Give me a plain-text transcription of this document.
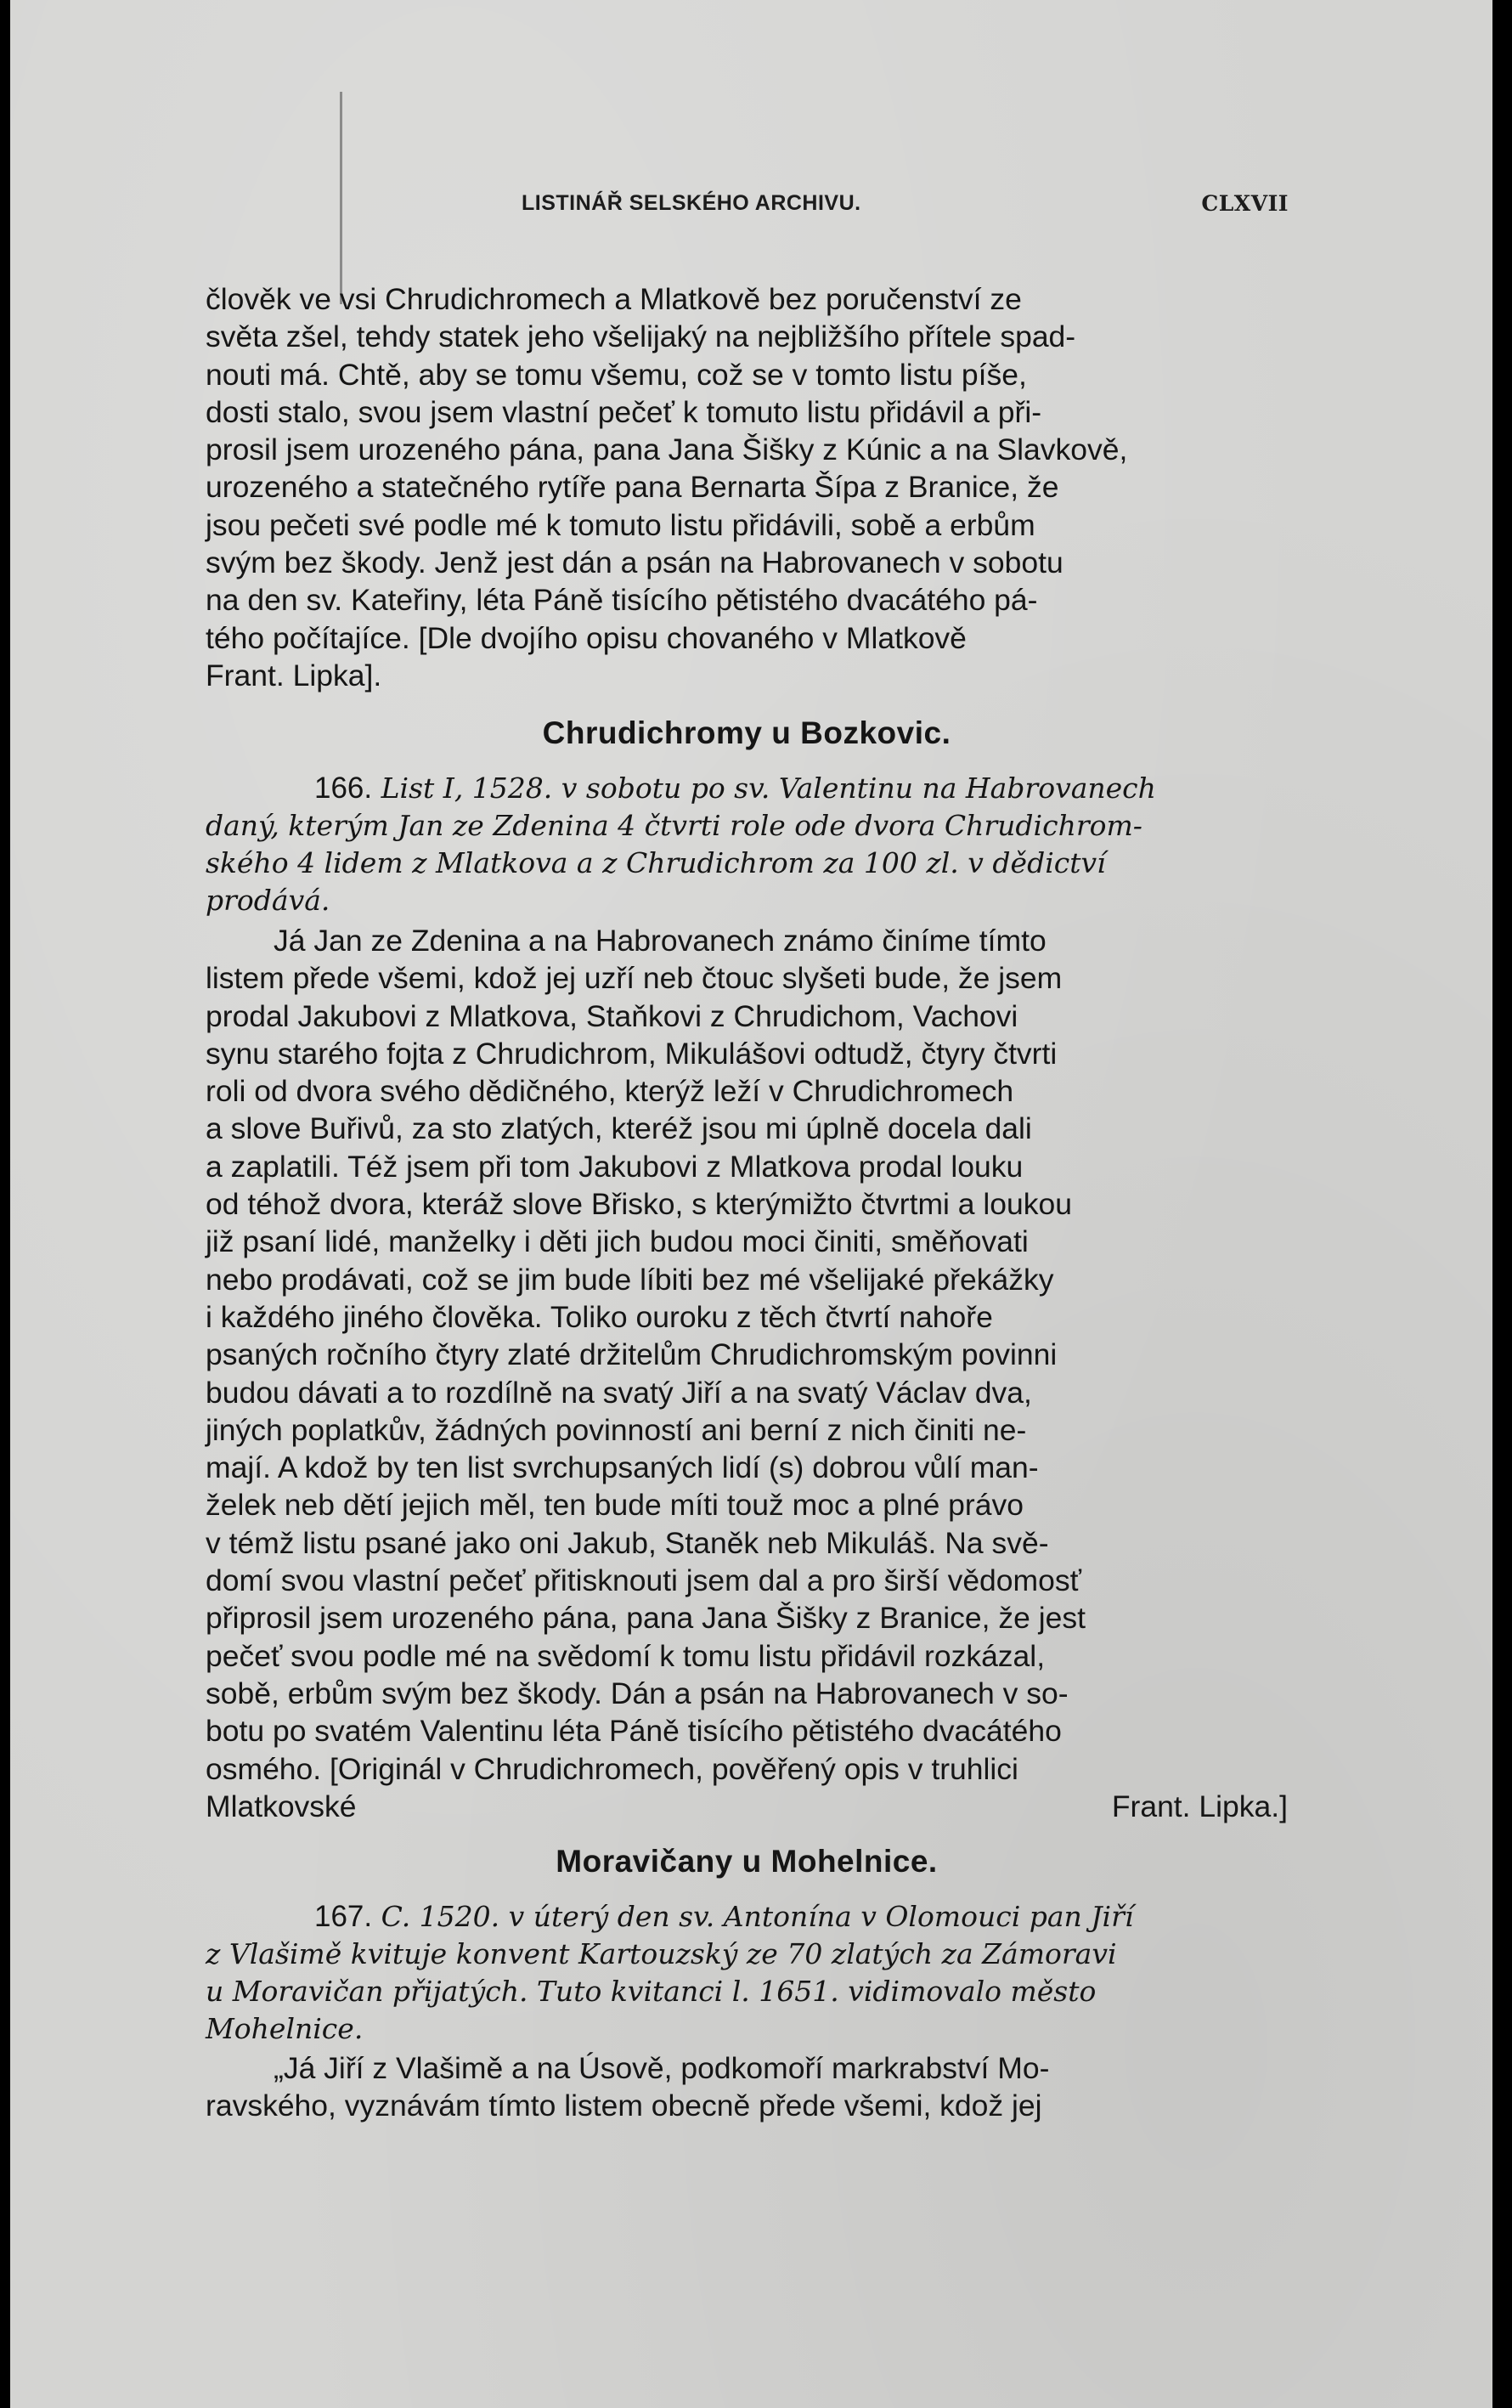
LISTINÁŘ SELSKÉHO ARCHIVU.	CLXVII

člověk ve vsi Chrudichromech a Mlatkově bez poručenství ze

světa zšel, tehdy statek jeho všelijaký na nejbližšího přítele spad-

nouti má. Chtě, aby se tomu všemu, což se v tomto listu píše,

dosti stalo, svou jsem vlastní pečeť k tomuto listu přidávil a při-

prosil jsem urozeného pána, pana Jana Šišky z Kúnic a na Slavkově,

urozeného a statečného rytíře pana Bernarta Šípa z Branice, že

jsou pečeti své podle mé k tomuto listu přidávili, sobě a erbům

svým bez škody. Jenž jest dán a psán na Habrovanech v sobotu

na den sv. Kateřiny, léta Páně tisícího pětistého dvacátého pá-

tého počítajíce. [Dle dvojího opisu chovaného v Mlatkově

Frant. Lipka].

Chrudichromy u Bozkovic.

166. List I, 1528. v sobotu po sv. Valentinu na Habrovanech

daný, kterým Jan ze Zdenina 4 čtvrti role ode dvora Chrudichrom-

ského 4 lidem z Mlatkova a z Chrudichrom za 100 zl. v dědictví

prodává.

Já Jan ze Zdenina a na Habrovanech známo činíme tímto

listem přede všemi, kdož jej uzří neb čtouc slyšeti bude, že jsem

prodal Jakubovi z Mlatkova, Staňkovi z Chrudichom, Vachovi

synu starého fojta z Chrudichrom, Mikulášovi odtudž, čtyry čtvrti

roli od dvora svého dědičného, kterýž leží v Chrudichromech

a slove Buřivů, za sto zlatých, kteréž jsou mi úplně docela dali

a zaplatili. Též jsem při tom Jakubovi z Mlatkova prodal louku

od téhož dvora, kteráž slove Břisko, s kterýmižto čtvrtmi a loukou

již psaní lidé, manželky i děti jich budou moci činiti, směňovati

nebo prodávati, což se jim bude líbiti bez mé všelijaké překážky

i každého jiného člověka. Toliko ouroku z těch čtvrtí nahoře

psaných ročního čtyry zlaté držitelům Chrudichromským povinni

budou dávati a to rozdílně na svatý Jiří a na svatý Václav dva,

jiných poplatkův, žádných povinností ani berní z nich činiti ne-

mají. A kdož by ten list svrchupsaných lidí (s) dobrou vůlí man-

želek neb dětí jejich měl, ten bude míti touž moc a plné právo

v témž listu psané jako oni Jakub, Staněk neb Mikuláš. Na svě-

domí svou vlastní pečeť přitisknouti jsem dal a pro širší vědomosť

připrosil jsem urozeného pána, pana Jana Šišky z Branice, že jest

pečeť svou podle mé na svědomí k tomu listu přidávil rozkázal,

sobě, erbům svým bez škody. Dán a psán na Habrovanech v so-

botu po svatém Valentinu léta Páně tisícího pětistého dvacátého

osmého. [Originál v Chrudichromech, pověřený opis v truhlici

Mlatkovské	Frant. Lipka.]

Moravičany u Mohelnice.

167. C. 1520. v úterý den sv. Antonína v Olomouci pan Jiří

z Vlašimě kvituje konvent Kartouzský ze 70 zlatých za Zámoravi

u Moravičan přijatých. Tuto kvitanci l. 1651. vidimovalo město

Mohelnice.

„Já Jiří z Vlašimě a na Úsově, podkomoří markrabství Mo-

ravského, vyznávám tímto listem obecně přede všemi, kdož jej
